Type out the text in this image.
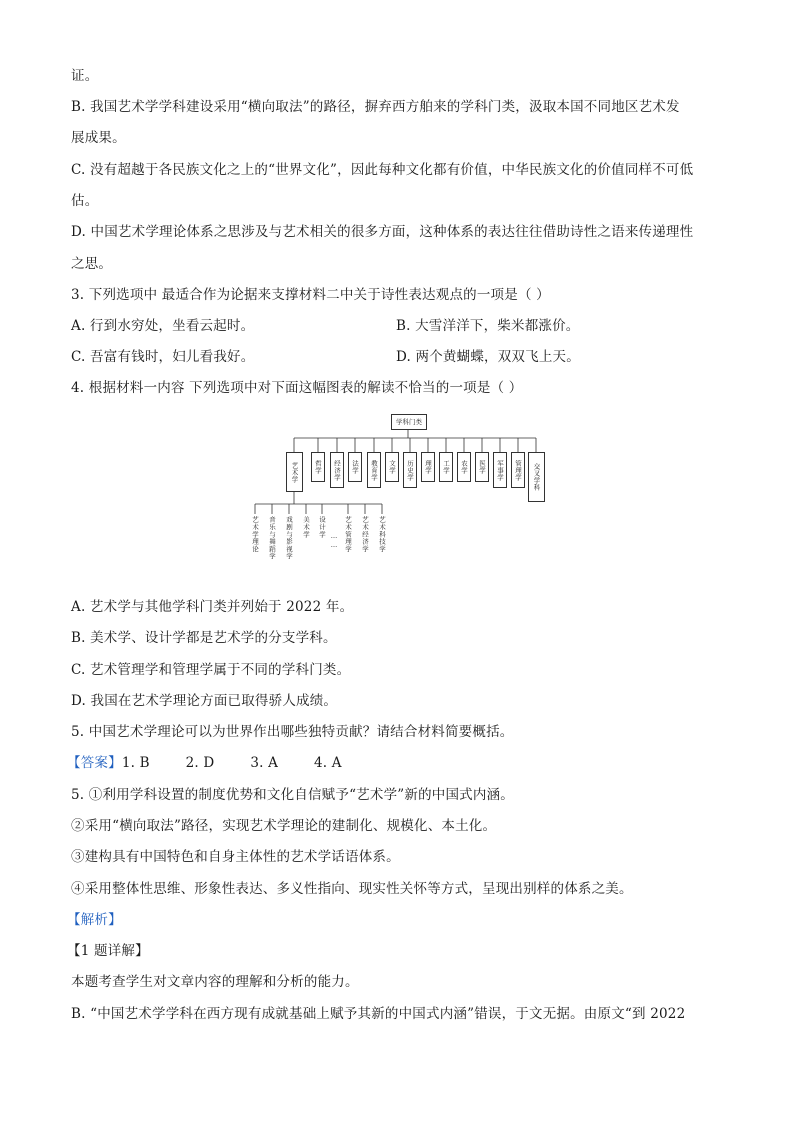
证。
B. 我国艺术学学科建设采用“横向取法”的路径，摒弃西方舶来的学科门类，汲取本国不同地区艺术发
展成果。
C. 没有超越于各民族文化之上的“世界文化”，因此每种文化都有价值，中华民族文化的价值同样不可低
估。
D. 中国艺术学理论体系之思涉及与艺术相关的很多方面，这种体系的表达往往借助诗性之语来传递理性
之思。
3. 下列选项中 最适合作为论据来支撑材料二中关于诗性表达观点的一项是（ ）
A. 行到水穷处，坐看云起时。	B. 大雪洋洋下，柴米都涨价。
C. 吾富有钱时，妇儿看我好。	D. 两个黄蝴蝶，双双飞上天。
4. 根据材料一内容 下列选项中对下面这幅图表的解读不恰当的一项是（ ）
学科门类
艺术学	哲学	经济学	法学	教育学	文学	历史学	理学	工学	农学	医学	军事学	管理学	交叉学科
艺术学理论 音乐与舞蹈学 戏剧与影视学 美术学 设计学
…… 艺术管理学 艺术经济学 艺术科技学
A. 艺术学与其他学科门类并列始于 2022 年。
B. 美术学、设计学都是艺术学的分支学科。
C. 艺术管理学和管理学属于不同的学科门类。
D. 我国在艺术学理论方面已取得骄人成绩。
5. 中国艺术学理论可以为世界作出哪些独特贡献？请结合材料简要概括。
【答案】1. B        2. D        3. A        4. A
5. ①利用学科设置的制度优势和文化自信赋予“艺术学”新的中国式内涵。
②采用“横向取法”路径，实现艺术学理论的建制化、规模化、本土化。
③建构具有中国特色和自身主体性的艺术学话语体系。
④采用整体性思维、形象性表达、多义性指向、现实性关怀等方式，呈现出别样的体系之美。
【解析】
【1 题详解】
本题考查学生对文章内容的理解和分析的能力。
B. “中国艺术学学科在西方现有成就基础上赋予其新的中国式内涵”错误，于文无据。由原文“到 2022
